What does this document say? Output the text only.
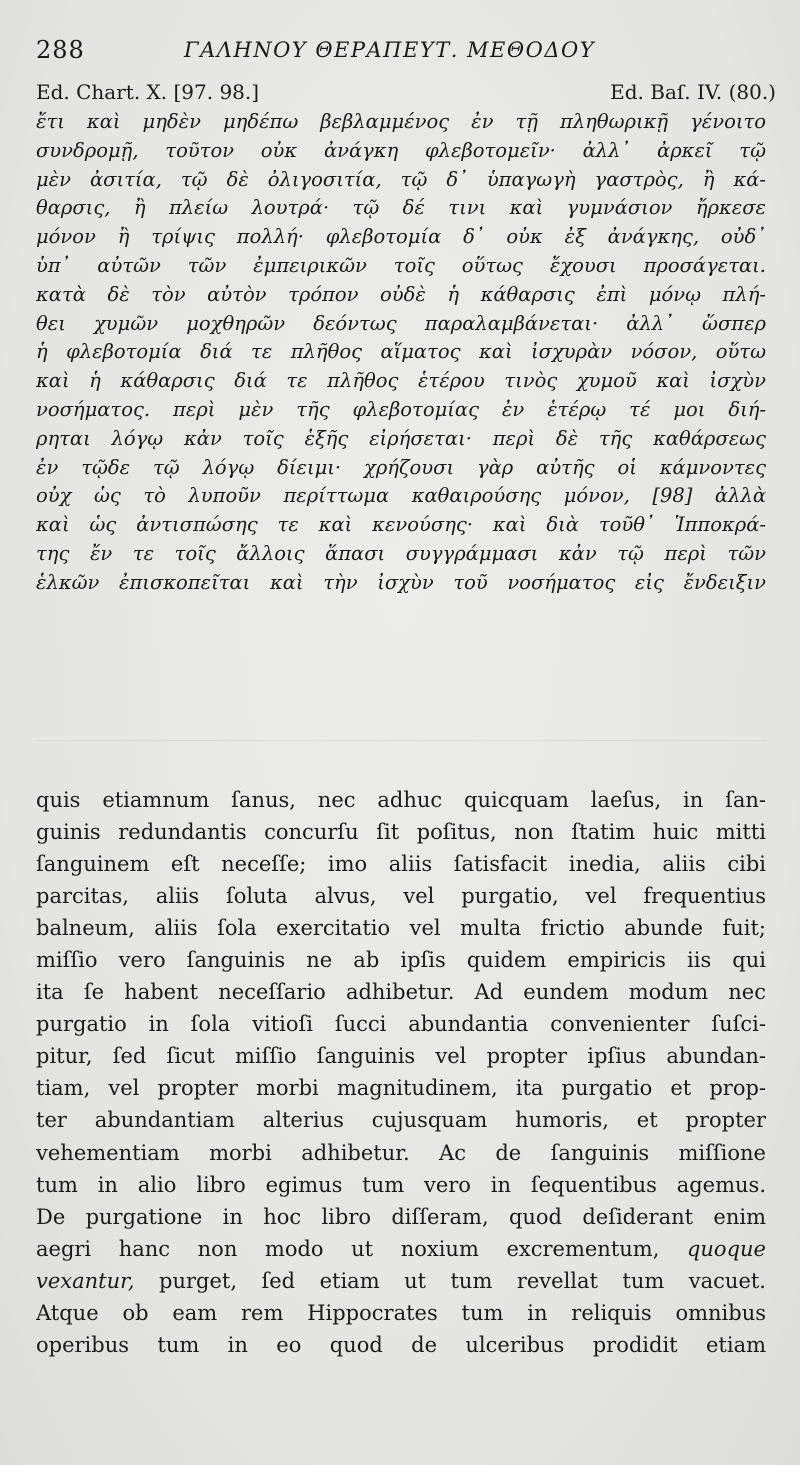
288	ΓΑΛΗΝΟΥ ΘΕΡΑΠΕΥΤ. ΜΕΘΟΔΟΥ
Ed. Chart. X. [97. 98.]	Ed. Baſ. IV. (80.)
ἔτι καὶ μηδὲν μηδέπω βεβλαμμένος ἐν τῇ πληθωρικῇ γένοιτο
συνδρομῇ, τοῦτον οὐκ ἀνάγκη φλεβοτομεῖν· ἀλλ᾽ ἀρκεῖ τῷ
μὲν ἀσιτία, τῷ δὲ ὀλιγοσιτία, τῷ δ᾽ ὑπαγωγὴ γαστρὸς, ἢ κά-
θαρσις, ἢ πλείω λουτρά· τῷ δέ τινι καὶ γυμνάσιον ἤρκεσε
μόνον ἢ τρίψις πολλή· φλεβοτομία δ᾽ οὐκ ἐξ ἀνάγκης, οὐδ᾽
ὑπ᾽ αὐτῶν τῶν ἐμπειρικῶν τοῖς οὕτως ἔχουσι προσάγεται.
κατὰ δὲ τὸν αὐτὸν τρόπον οὐδὲ ἡ κάθαρσις ἐπὶ μόνῳ πλή-
θει χυμῶν μοχθηρῶν δεόντως παραλαμβάνεται· ἀλλ᾽ ὥσπερ
ἡ φλεβοτομία διά τε πλῆθος αἵματος καὶ ἰσχυρὰν νόσον, οὕτω
καὶ ἡ κάθαρσις διά τε πλῆθος ἑτέρου τινὸς χυμοῦ καὶ ἰσχὺν
νοσήματος. περὶ μὲν τῆς φλεβοτομίας ἐν ἑτέρῳ τέ μοι διή-
ρηται λόγῳ κἀν τοῖς ἑξῆς εἰρήσεται· περὶ δὲ τῆς καθάρσεως
ἐν τῷδε τῷ λόγῳ δίειμι· χρήζουσι γὰρ αὐτῆς οἱ κάμνοντες
οὐχ ὡς τὸ λυποῦν περίττωμα καθαιρούσης μόνον, [98] ἀλλὰ
καὶ ὡς ἀντισπώσης τε καὶ κενούσης· καὶ διὰ τοῦθ᾽ Ἱπποκρά-
της ἔν τε τοῖς ἄλλοις ἅπασι συγγράμμασι κἀν τῷ περὶ τῶν
ἑλκῶν ἐπισκοπεῖται καὶ τὴν ἰσχὺν τοῦ νοσήματος εἰς ἔνδειξιν
quis etiamnum ſanus, nec adhuc quicquam laeſus, in ſan-
guinis redundantis concurſu ſit poſitus, non ſtatim huic mitti
ſanguinem eſt neceſſe; imo aliis ſatisfacit inedia, aliis cibi
parcitas, aliis ſoluta alvus, vel purgatio, vel frequentius
balneum, aliis ſola exercitatio vel multa frictio abunde fuit;
miſſio vero ſanguinis ne ab ipſis quidem empiricis iis qui
ita ſe habent neceſſario adhibetur. Ad eundem modum nec
purgatio in ſola vitioſi ſucci abundantia convenienter ſuſci-
pitur, ſed ſicut miſſio ſanguinis vel propter ipſius abundan-
tiam, vel propter morbi magnitudinem, ita purgatio et prop-
ter abundantiam alterius cujusquam humoris, et propter
vehementiam morbi adhibetur. Ac de ſanguinis miſſione
tum in alio libro egimus tum vero in ſequentibus agemus.
De purgatione in hoc libro diſſeram, quod deſiderant enim
aegri hanc non modo ut noxium excrementum, quoque
vexantur, purget, ſed etiam ut tum revellat tum vacuet.
Atque ob eam rem Hippocrates tum in reliquis omnibus
operibus tum in eo quod de ulceribus prodidit etiam
